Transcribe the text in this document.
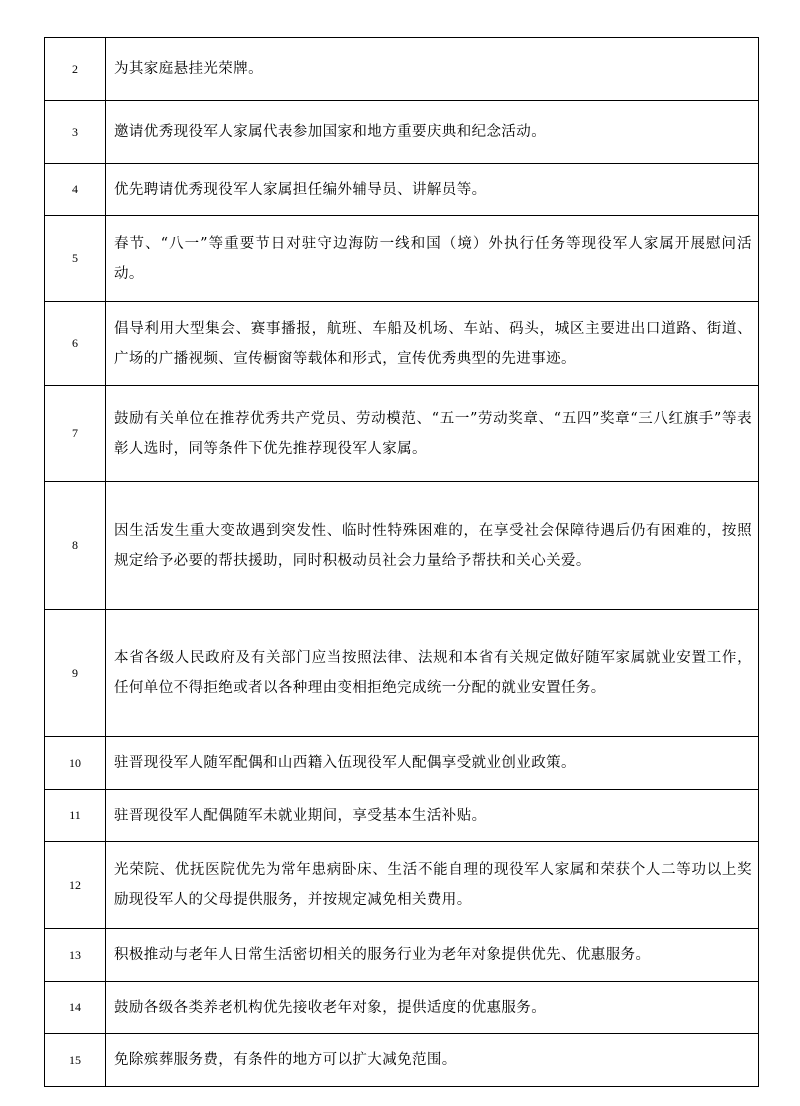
2	为其家庭悬挂光荣牌。
3	邀请优秀现役军人家属代表参加国家和地方重要庆典和纪念活动。
4	优先聘请优秀现役军人家属担任编外辅导员、讲解员等。
5	春节、“八一”等重要节日对驻守边海防一线和国（境）外执行任务等现役军人家属开展慰问活动。
6	倡导利用大型集会、赛事播报，航班、车船及机场、车站、码头，城区主要进出口道路、街道、广场的广播视频、宣传橱窗等载体和形式，宣传优秀典型的先进事迹。
7	鼓励有关单位在推荐优秀共产党员、劳动模范、“五一”劳动奖章、“五四”奖章“三八红旗手”等表彰人选时，同等条件下优先推荐现役军人家属。
8	因生活发生重大变故遇到突发性、临时性特殊困难的，在享受社会保障待遇后仍有困难的，按照规定给予必要的帮扶援助，同时积极动员社会力量给予帮扶和关心关爱。
9	本省各级人民政府及有关部门应当按照法律、法规和本省有关规定做好随军家属就业安置工作，任何单位不得拒绝或者以各种理由变相拒绝完成统一分配的就业安置任务。
10	驻晋现役军人随军配偶和山西籍入伍现役军人配偶享受就业创业政策。
11	驻晋现役军人配偶随军未就业期间，享受基本生活补贴。
12	光荣院、优抚医院优先为常年患病卧床、生活不能自理的现役军人家属和荣获个人二等功以上奖励现役军人的父母提供服务，并按规定减免相关费用。
13	积极推动与老年人日常生活密切相关的服务行业为老年对象提供优先、优惠服务。
14	鼓励各级各类养老机构优先接收老年对象，提供适度的优惠服务。
15	免除殡葬服务费，有条件的地方可以扩大减免范围。
